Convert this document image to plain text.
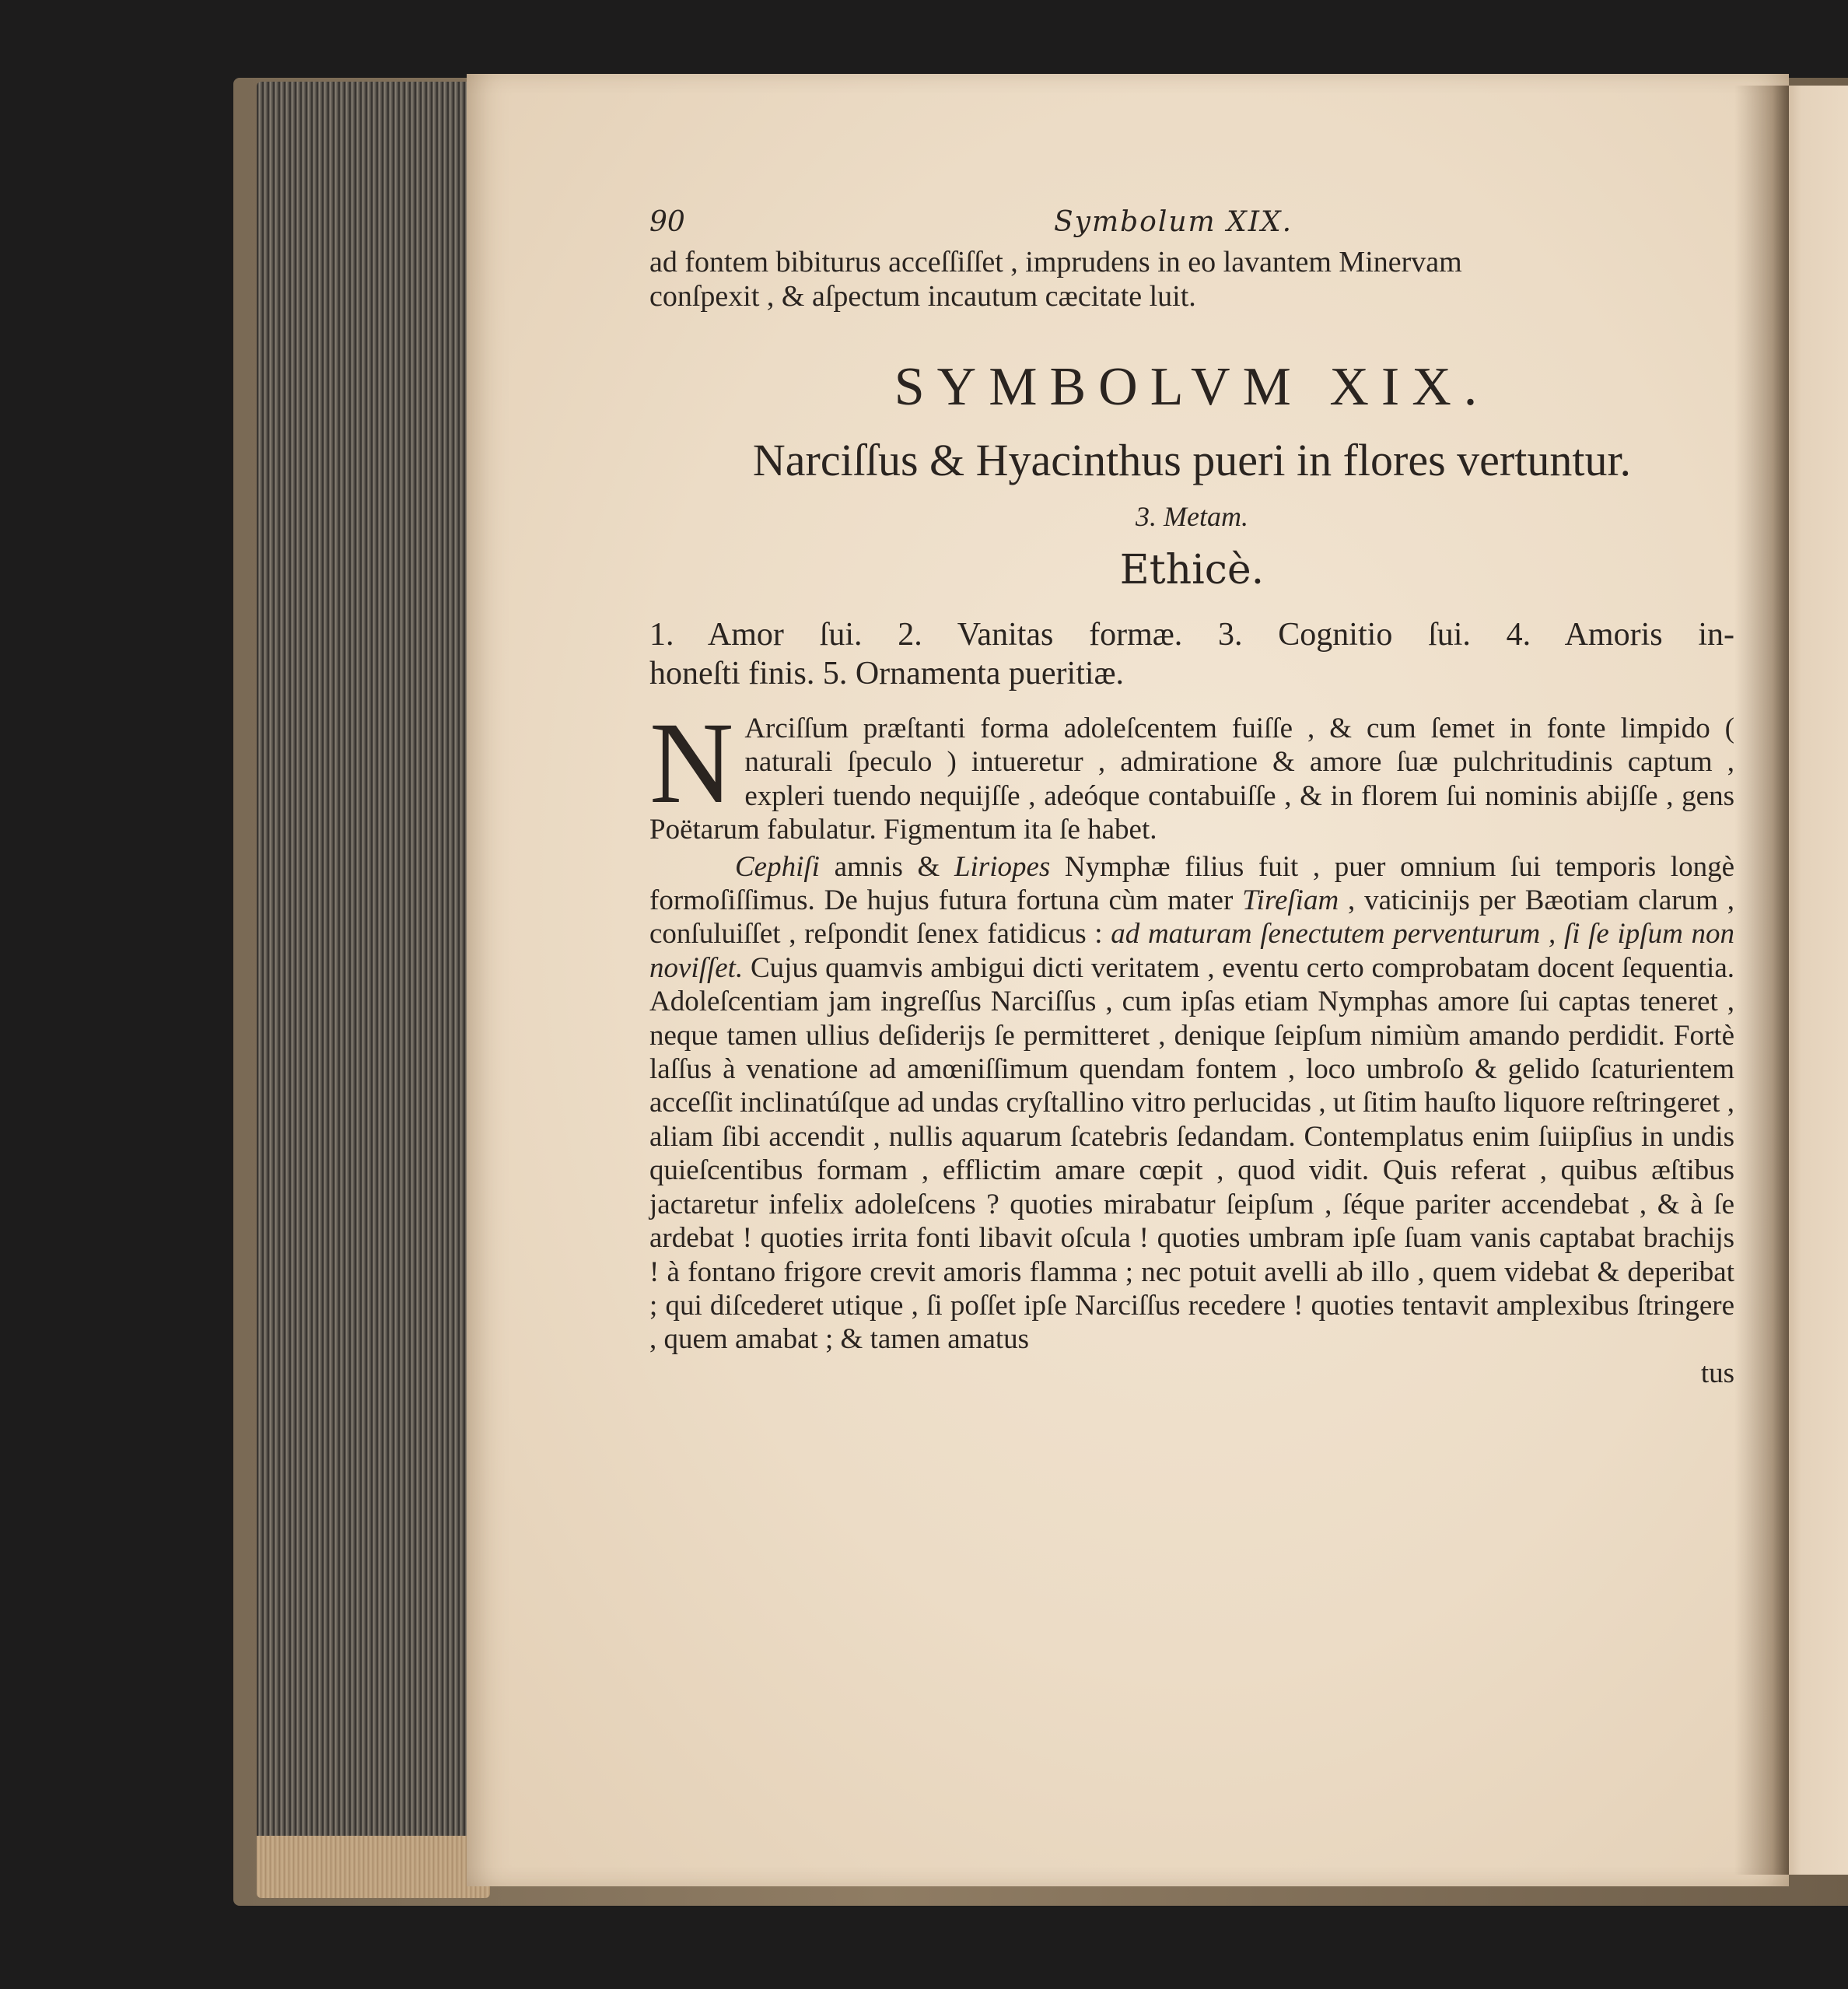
90	Symbolum XIX.

ad fontem bibiturus acceſſiſſet , imprudens in eo lavantem Minervam

conſpexit , & aſpectum incautum cæcitate luit.

SYMBOLVM XIX.
Narciſſus & Hyacinthus pueri in flores vertuntur.
3. Metam.
Ethicè.
1. Amor ſui. 2. Vanitas formæ. 3. Cognitio ſui. 4. Amoris in-
honeſti finis. 5. Ornamenta pueritiæ.

N Arciſſum præſtanti forma adoleſcentem fuiſſe , & cum ſemet in fonte limpido ( naturali ſpeculo ) intueretur , admiratione & amore ſuæ pulchritudinis captum , expleri tuendo nequijſſe , adeóque contabuiſſe , & in florem ſui nominis abijſſe , gens Poëtarum fabulatur. Figmentum ita ſe habet.

Cephiſi amnis & Liriopes Nymphæ filius fuit , puer omnium ſui temporis longè formoſiſſimus. De hujus futura fortuna cùm mater Tireſiam , vaticinijs per Bæotiam clarum , conſuluiſſet , reſpondit ſenex fatidicus : ad maturam ſenectutem perventurum , ſi ſe ipſum non noviſſet. Cujus quamvis ambigui dicti veritatem , eventu certo comprobatam docent ſequentia. Adoleſcentiam jam ingreſſus Narciſſus , cum ipſas etiam Nymphas amore ſui captas teneret , neque tamen ullius deſiderijs ſe permitteret , denique ſeipſum nimiùm amando perdidit. Fortè laſſus à venatione ad amœniſſimum quendam fontem , loco umbroſo & gelido ſcaturientem acceſſit inclinatúſque ad undas cryſtallino vitro perlucidas , ut ſitim hauſto liquore reſtringeret , aliam ſibi accendit , nullis aquarum ſcatebris ſedandam. Contemplatus enim ſuiipſius in undis quieſcentibus formam , efflictim amare cœpit , quod vidit. Quis referat , quibus æſtibus jactaretur infelix adoleſcens ? quoties mirabatur ſeipſum , ſéque pariter accendebat , & à ſe ardebat ! quoties irrita fonti libavit oſcula ! quoties umbram ipſe ſuam vanis captabat brachijs ! à fontano frigore crevit amoris flamma ; nec potuit avelli ab illo , quem videbat & deperibat ; qui diſcederet utique , ſi poſſet ipſe Narciſſus recedere ! quoties tentavit amplexibus ſtringere , quem amabat ; & tamen amatus

tus
